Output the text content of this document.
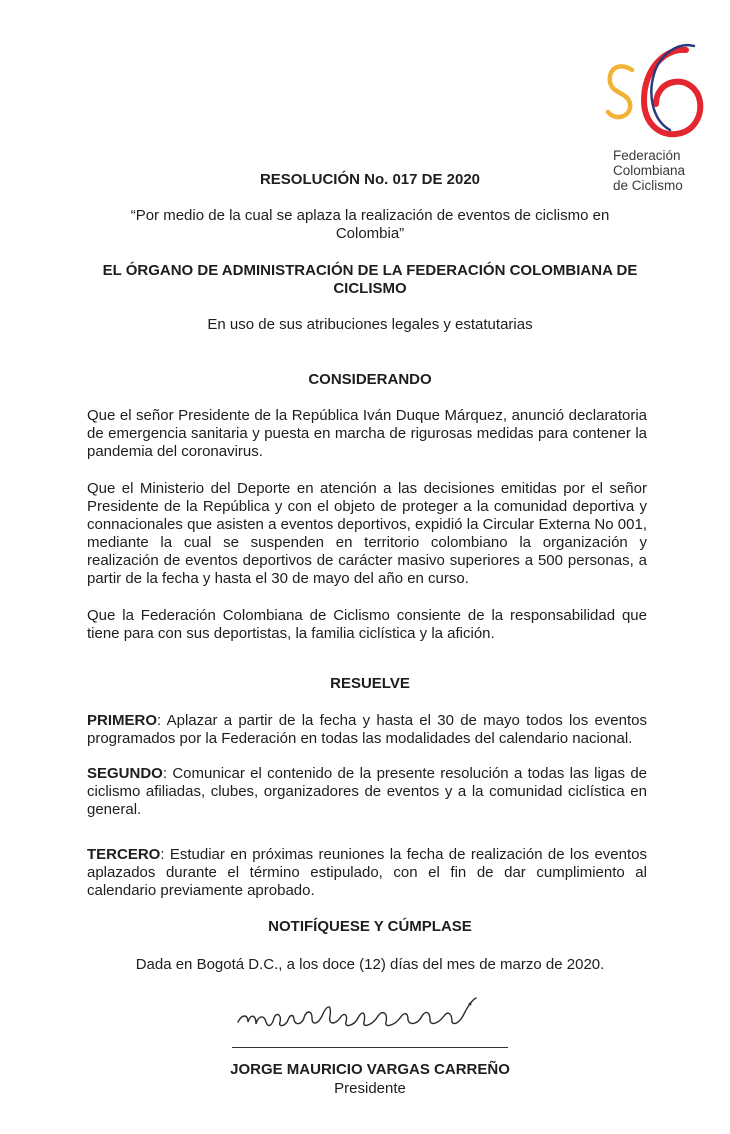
Federación
Colombiana
de Ciclismo
RESOLUCIÓN No. 017 DE 2020
“Por medio de la cual se aplaza la realización de eventos de ciclismo en Colombia”
EL ÓRGANO DE ADMINISTRACIÓN DE LA FEDERACIÓN COLOMBIANA DE CICLISMO
En uso de sus atribuciones legales y estatutarias
CONSIDERANDO
Que el señor Presidente de la República Iván Duque Márquez, anunció declaratoria de emergencia sanitaria y puesta en marcha de rigurosas medidas para contener la pandemia del coronavirus.
Que el Ministerio del Deporte en atención a las decisiones emitidas por el señor Presidente de la República y con el objeto de proteger a la comunidad deportiva y connacionales que asisten a eventos deportivos, expidió la Circular Externa No 001, mediante la cual se suspenden en territorio colombiano la organización y realización de eventos deportivos de carácter masivo superiores a 500 personas, a partir de la fecha y hasta el 30 de mayo del año en curso.
Que la Federación Colombiana de Ciclismo consiente de la responsabilidad que tiene para con sus deportistas, la familia ciclística y la afición.
RESUELVE
PRIMERO: Aplazar a partir de la fecha y hasta el 30 de mayo todos los eventos programados por la Federación en todas las modalidades del calendario nacional.
SEGUNDO: Comunicar el contenido de la presente resolución a todas las ligas de ciclismo afiliadas, clubes, organizadores de eventos y a la comunidad ciclística en general.
TERCERO: Estudiar en próximas reuniones la fecha de realización de los eventos aplazados durante el término estipulado, con el fin de dar cumplimiento al calendario previamente aprobado.
NOTIFÍQUESE Y CÚMPLASE
Dada en Bogotá D.C., a los doce (12) días del mes de marzo de 2020.
JORGE MAURICIO VARGAS CARREÑO
Presidente
